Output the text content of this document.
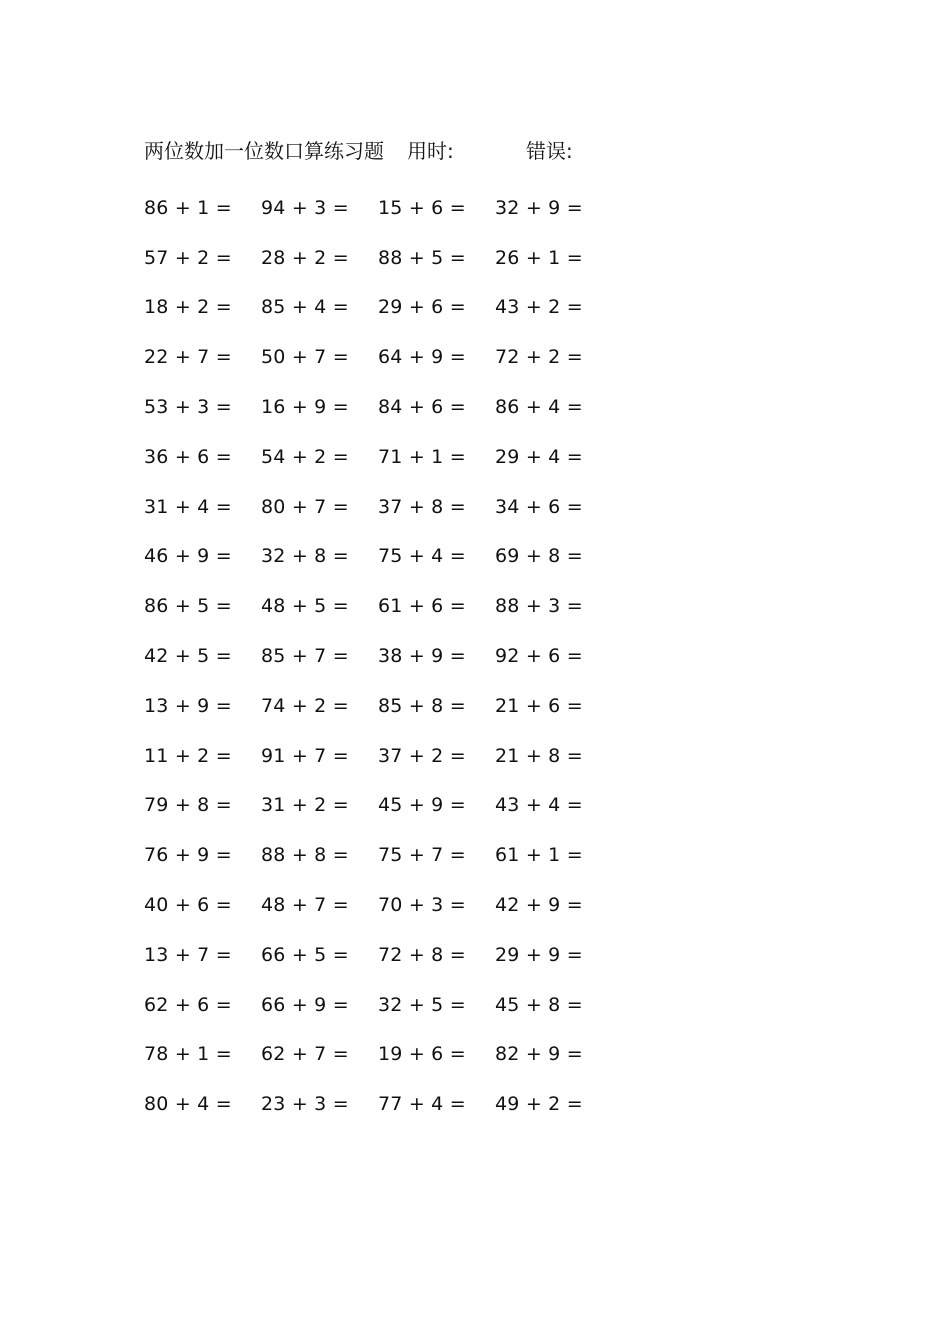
两位数加一位数口算练习题 用时:	错误:
86 + 1 =	94 + 3 =	15 + 6 =	32 + 9 =
57 + 2 =	28 + 2 =	88 + 5 =	26 + 1 =
18 + 2 =	85 + 4 =	29 + 6 =	43 + 2 =
22 + 7 =	50 + 7 =	64 + 9 =	72 + 2 =
53 + 3 =	16 + 9 =	84 + 6 =	86 + 4 =
36 + 6 =	54 + 2 =	71 + 1 =	29 + 4 =
31 + 4 =	80 + 7 =	37 + 8 =	34 + 6 =
46 + 9 =	32 + 8 =	75 + 4 =	69 + 8 =
86 + 5 =	48 + 5 =	61 + 6 =	88 + 3 =
42 + 5 =	85 + 7 =	38 + 9 =	92 + 6 =
13 + 9 =	74 + 2 =	85 + 8 =	21 + 6 =
11 + 2 =	91 + 7 =	37 + 2 =	21 + 8 =
79 + 8 =	31 + 2 =	45 + 9 =	43 + 4 =
76 + 9 =	88 + 8 =	75 + 7 =	61 + 1 =
40 + 6 =	48 + 7 =	70 + 3 =	42 + 9 =
13 + 7 =	66 + 5 =	72 + 8 =	29 + 9 =
62 + 6 =	66 + 9 =	32 + 5 =	45 + 8 =
78 + 1 =	62 + 7 =	19 + 6 =	82 + 9 =
80 + 4 =	23 + 3 =	77 + 4 =	49 + 2 =
